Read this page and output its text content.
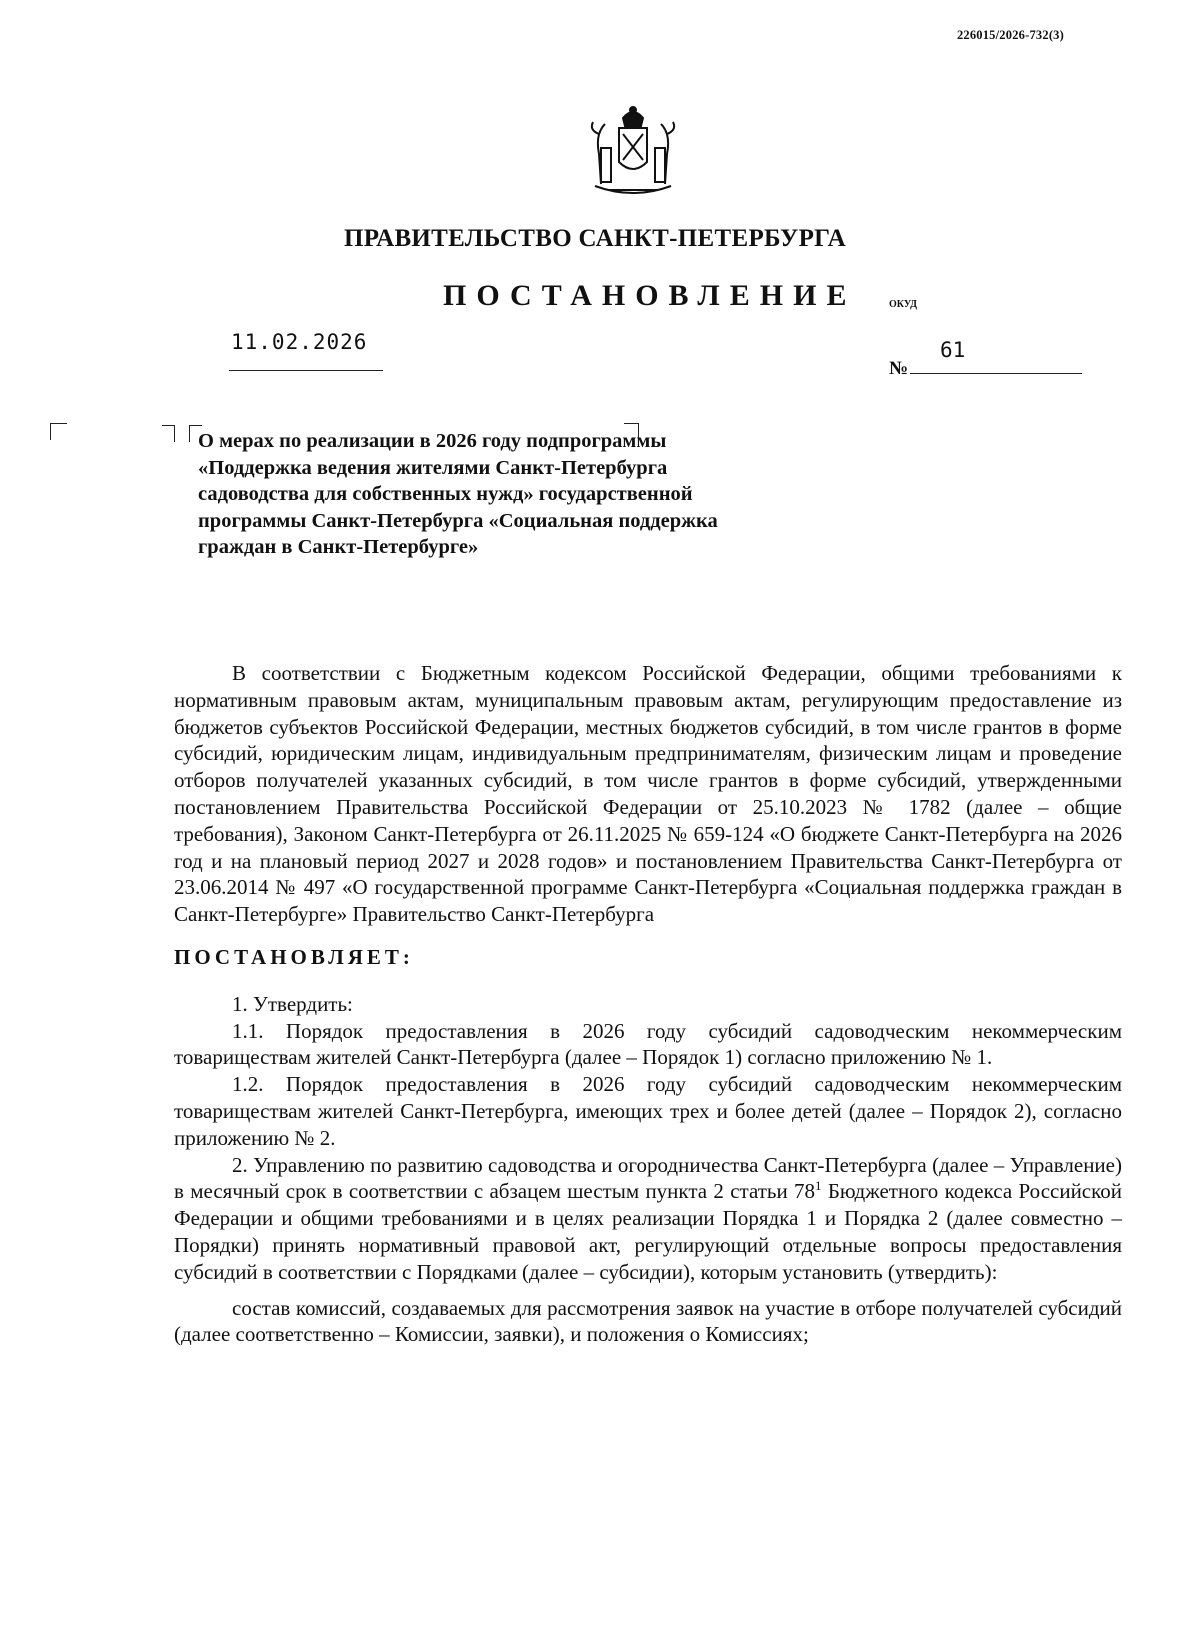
226015/2026-732(3)
ПРАВИТЕЛЬСТВО САНКТ-ПЕТЕРБУРГА
ПОСТАНОВЛЕНИЕ	ОКУД
11.02.2026
№
61
О мерах по реализации в 2026 году подпрограммы «Поддержка ведения жителями Санкт-Петербурга садоводства для собственных нужд» государственной программы Санкт-Петербурга «Социальная поддержка граждан в Санкт-Петербурге»

В соответствии с Бюджетным кодексом Российской Федерации, общими требованиями к нормативным правовым актам, муниципальным правовым актам, регулирующим предоставление из бюджетов субъектов Российской Федерации, местных бюджетов субсидий, в том числе грантов в форме субсидий, юридическим лицам, индивидуальным предпринимателям, физическим лицам и проведение отборов получателей указанных субсидий, в том числе грантов в форме субсидий, утвержденными постановлением Правительства Российской Федерации от 25.10.2023 № 1782 (далее – общие требования), Законом Санкт-Петербурга от 26.11.2025 № 659-124 «О бюджете Санкт-Петербурга на 2026 год и на плановый период 2027 и 2028 годов» и постановлением Правительства Санкт-Петербурга от 23.06.2014 № 497 «О государственной программе Санкт-Петербурга «Социальная поддержка граждан в Санкт-Петербурге» Правительство Санкт-Петербурга

ПОСТАНОВЛЯЕТ:

1. Утвердить:

1.1. Порядок предоставления в 2026 году субсидий садоводческим некоммерческим товариществам жителей Санкт-Петербурга (далее – Порядок 1) согласно приложению № 1.

1.2. Порядок предоставления в 2026 году субсидий садоводческим некоммерческим товариществам жителей Санкт-Петербурга, имеющих трех и более детей (далее – Порядок 2), согласно приложению № 2.

2. Управлению по развитию садоводства и огородничества Санкт-Петербурга (далее – Управление) в месячный срок в соответствии с абзацем шестым пункта 2 статьи $78^1$ Бюджетного кодекса Российской Федерации и общими требованиями и в целях реализации Порядка 1 и Порядка 2 (далее совместно – Порядки) принять нормативный правовой акт, регулирующий отдельные вопросы предоставления субсидий в соответствии с Порядками (далее – субсидии), которым установить (утвердить):

состав комиссий, создаваемых для рассмотрения заявок на участие в отборе получателей субсидий (далее соответственно – Комиссии, заявки), и положения о Комиссиях;
